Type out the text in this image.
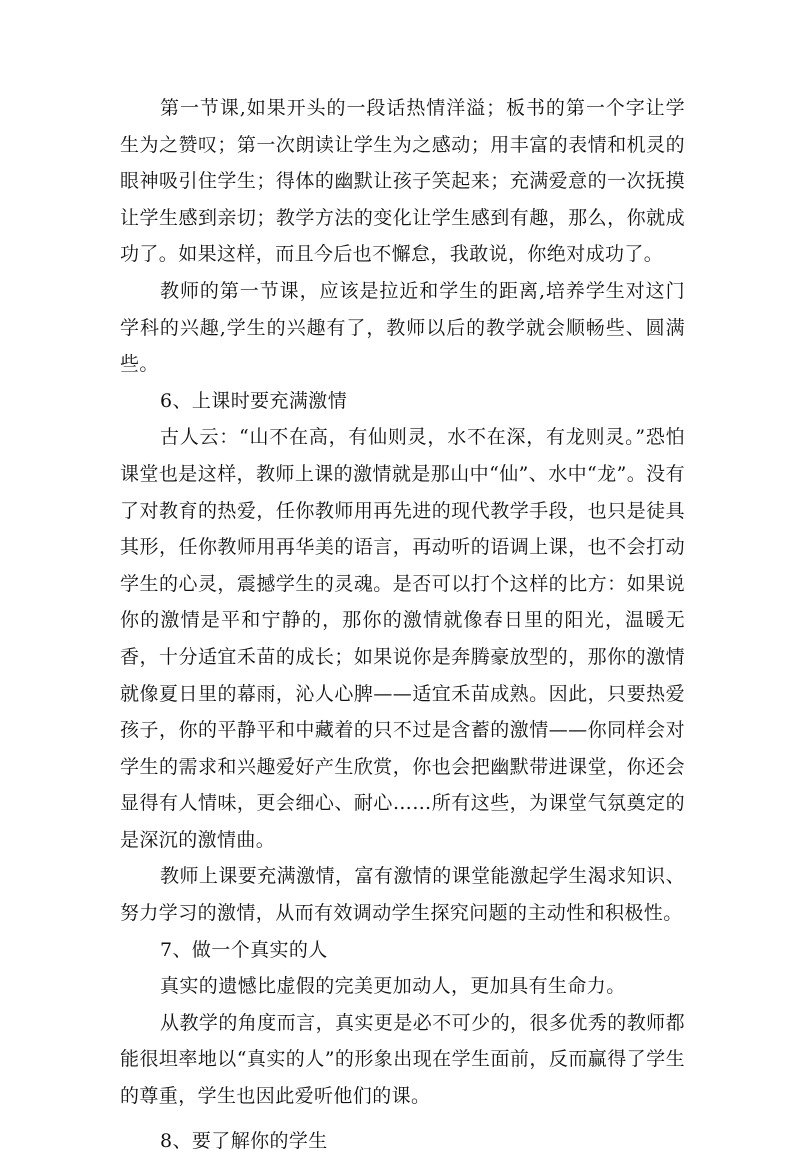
第一节课,如果开头的一段话热情洋溢；板书的第一个字让学生为之赞叹；第一次朗读让学生为之感动；用丰富的表情和机灵的眼神吸引住学生；得体的幽默让孩子笑起来；充满爱意的一次抚摸让学生感到亲切；教学方法的变化让学生感到有趣，那么，你就成功了。如果这样，而且今后也不懈怠，我敢说，你绝对成功了。

教师的第一节课，应该是拉近和学生的距离,培养学生对这门学科的兴趣,学生的兴趣有了，教师以后的教学就会顺畅些、圆满些。

6、上课时要充满激情

古人云：“山不在高，有仙则灵，水不在深，有龙则灵。”恐怕课堂也是这样，教师上课的激情就是那山中“仙”、水中“龙”。没有了对教育的热爱，任你教师用再先进的现代教学手段，也只是徒具其形，任你教师用再华美的语言，再动听的语调上课，也不会打动学生的心灵，震撼学生的灵魂。是否可以打个这样的比方：如果说你的激情是平和宁静的，那你的激情就像春日里的阳光，温暖无香，十分适宜禾苗的成长；如果说你是奔腾豪放型的，那你的激情就像夏日里的幕雨，沁人心脾——适宜禾苗成熟。因此，只要热爱孩子，你的平静平和中藏着的只不过是含蓄的激情——你同样会对学生的需求和兴趣爱好产生欣赏，你也会把幽默带进课堂，你还会显得有人情味，更会细心、耐心……所有这些，为课堂气氛奠定的是深沉的激情曲。

教师上课要充满激情，富有激情的课堂能激起学生渴求知识、努力学习的激情，从而有效调动学生探究问题的主动性和积极性。

7、做一个真实的人

真实的遗憾比虚假的完美更加动人，更加具有生命力。

从教学的角度而言，真实更是必不可少的，很多优秀的教师都能很坦率地以“真实的人”的形象出现在学生面前，反而赢得了学生的尊重，学生也因此爱听他们的课。

8、要了解你的学生
